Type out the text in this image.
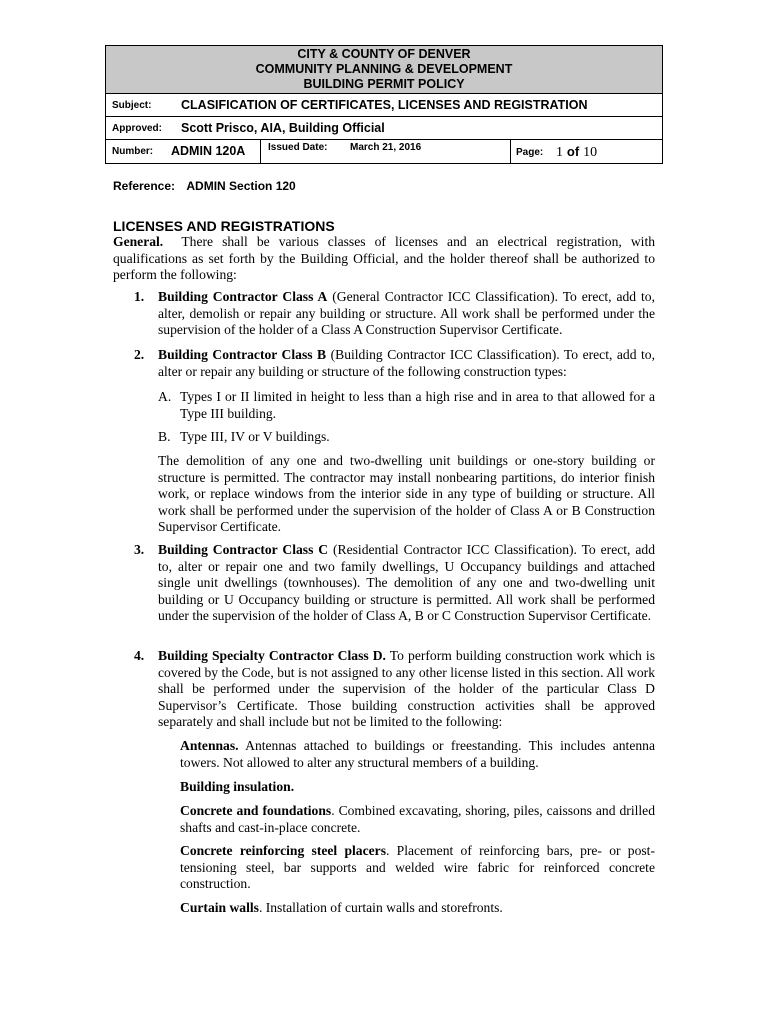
CITY & COUNTY OF DENVER
COMMUNITY PLANNING & DEVELOPMENT
BUILDING PERMIT POLICY
Subject: CLASIFICATION OF CERTIFICATES, LICENSES AND REGISTRATION
Approved: Scott Prisco, AIA, Building Official
Number: ADMIN 120A Issued Date: March 21, 2016	Page: 1 of 10
Reference: ADMIN Section 120
LICENSES AND REGISTRATIONS
General. There shall be various classes of licenses and an electrical registration, with qualifications as set forth by the Building Official, and the holder thereof shall be authorized to perform the following:
1. Building Contractor Class A (General Contractor ICC Classification). To erect, add to, alter, demolish or repair any building or structure. All work shall be performed under the supervision of the holder of a Class A Construction Supervisor Certificate.
2. Building Contractor Class B (Building Contractor ICC Classification). To erect, add to, alter or repair any building or structure of the following construction types:
A. Types I or II limited in height to less than a high rise and in area to that allowed for a Type III building.
B. Type III, IV or V buildings.
The demolition of any one and two-dwelling unit buildings or one-story building or structure is permitted. The contractor may install nonbearing partitions, do interior finish work, or replace windows from the interior side in any type of building or structure. All work shall be performed under the supervision of the holder of Class A or B Construction Supervisor Certificate.
3. Building Contractor Class C (Residential Contractor ICC Classification). To erect, add to, alter or repair one and two family dwellings, U Occupancy buildings and attached single unit dwellings (townhouses). The demolition of any one and two-dwelling unit building or U Occupancy building or structure is permitted. All work shall be performed under the supervision of the holder of Class A, B or C Construction Supervisor Certificate.
4. Building Specialty Contractor Class D. To perform building construction work which is covered by the Code, but is not assigned to any other license listed in this section. All work shall be performed under the supervision of the holder of the particular Class D Supervisor’s Certificate. Those building construction activities shall be approved separately and shall include but not be limited to the following:
Antennas. Antennas attached to buildings or freestanding. This includes antenna towers. Not allowed to alter any structural members of a building.
Building insulation.
Concrete and foundations. Combined excavating, shoring, piles, caissons and drilled shafts and cast-in-place concrete.
Concrete reinforcing steel placers. Placement of reinforcing bars, pre- or post-tensioning steel, bar supports and welded wire fabric for reinforced concrete construction.
Curtain walls. Installation of curtain walls and storefronts.
